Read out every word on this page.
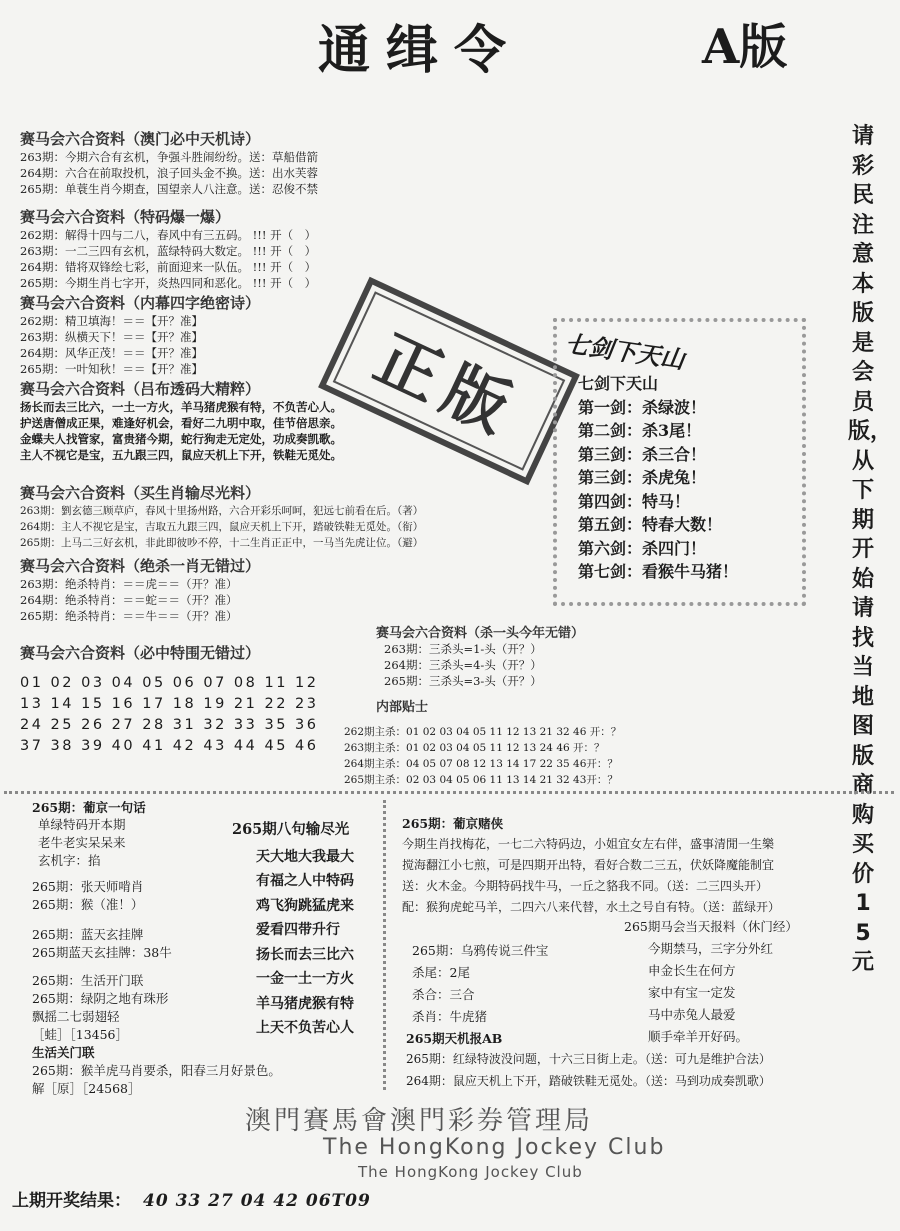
通缉令	A版
请彩民注意本版是会员版，从下期开始请找当地图版商购买价15元
赛马会六合资料（澳门必中天机诗）
263期：今期六合有玄机，争强斗胜闹纷纷。送：草船借箭
264期：六合在前取投机，浪子回头金不换。送：出水芙蓉
265期：单蓑生肖今期查，国望亲人八注意。送：忍俊不禁
赛马会六合资料（特码爆一爆）
262期：解得十四与二八，春风中有三五码。 !!! 开（　）
263期：一二三四有玄机，蓝绿特码大数定。 !!! 开（　）
264期：错将双锋绘七彩，前面迎来一队伍。 !!! 开（　）
265期：今期生肖七字开，炎热四同和恶化。 !!! 开（　）
赛马会六合资料（内幕四字绝密诗）
262期：精卫填海！＝＝【开？准】
263期：纵横天下！＝＝【开？准】
264期：风华正茂！＝＝【开？准】
265期：一叶知秋！＝＝【开？准】
赛马会六合资料（吕布透码大精粹）
扬长而去三比六，一土一方火，羊马猪虎猴有特，不负苦心人。
护送唐僧成正果，难逢好机会，看好二九明中取，佳节倍思亲。
金蝶夫人找管家，富贵猪今期，蛇行狗走无定处，功成奏凯歌。
主人不视它是宝，五九跟三四，鼠应天机上下开，铁鞋无觅处。
正版
赛马会六合资料（买生肖输尽光料）
263期：劉玄德三顾草庐，春风十里扬州路，六合开彩乐呵呵，犯远七前看在后。（著）
264期：主人不视它是宝，吉取五九跟三四，鼠应天机上下开，踏破铁鞋无觅处。（衔）
265期：上马二三好玄机，非此即彼吵不停，十二生肖正正中，一马当先虎让位。（避）
七剑下天山
七剑下天山
第一剑：杀绿波！
第二剑：杀3尾！
第三剑：杀三合！
第三剑：杀虎兔！
第四剑：特马！
第五剑：特春大数！
第六剑：杀四门！
第七剑：看猴牛马猪！
赛马会六合资料（绝杀一肖无错过）
263期：绝杀特肖：＝＝虎＝＝（开？准）
264期：绝杀特肖：＝＝蛇＝＝（开？准）
265期：绝杀特肖：＝＝牛＝＝（开？准）
赛马会六合资料（必中特围无错过）
01 02 03 04 05 06 07 08 11 12
13 14 15 16 17 18 19 21 22 23
24 25 26 27 28 31 32 33 35 36
37 38 39 40 41 42 43 44 45 46
赛马会六合资料（杀一头今年无错）
263期：三杀头=1-头（开？）
264期：三杀头=4-头（开？）
265期：三杀头=3-头（开？）
内部贴士
262期主杀：01 02 03 04 05 11 12 13 21 32 46 开：？
263期主杀：01 02 03 04 05 11 12 13 24 46 开：？
264期主杀：04 05 07 08 12 13 14 17 22 35 46开：？
265期主杀：02 03 04 05 06 11 13 14 21 32 43开：？
265期：葡京一句话
单绿特码开本期
老牛老实呆呆来
玄机字：掐
265期：张天师啃肖
265期：猴（准！）
265期：蓝天玄挂牌
265期蓝天玄挂牌：38牛
265期：生活开门联
265期：绿阴之地有珠形
飘摇二七弱翅轻
［蛙］［13456］
生活关门联
265期：猴羊虎马肖要杀，阳春三月好景色。
解［原］［24568］
265期八句输尽光
天大地大我最大
有福之人中特码
鸡飞狗跳猛虎来
爱看四带升行
扬长而去三比六
一金一土一方火
羊马猪虎猴有特
上天不负苦心人
265期：葡京赌侠
今期生肖找梅花，一七二六特码边，小姐宜女左右伴，盛事清閒一生樂
搅海翻江小七煎，可是四期开出特，看好合数二三五，伏妖降魔能制宜
送：火木金。今期特码找牛马，一丘之貉我不同。（送：二三四头开）
配：猴狗虎蛇马羊，二四六八来代替，水土之号自有特。（送：蓝绿开）
265期：乌鸦传说三件宝
杀尾：2尾
杀合：三合
杀肖：牛虎猪
265期马会当天报料（休门经）
今期禁马，三字分外红
申金长生在何方
家中有宝一定发
马中赤兔人最爱
顺手牵羊开好码。
265期天机报AB
265期：红绿特波没问题，十六三日街上走。（送：可九是维护合法）
264期：鼠应天机上下开，踏破铁鞋无觅处。（送：马到功成奏凯歌）
澳門賽馬會澳門彩券管理局
The HongKong Jockey Club
The HongKong Jockey Club
上期开奖结果： 40 33 27 04 42 06T09
